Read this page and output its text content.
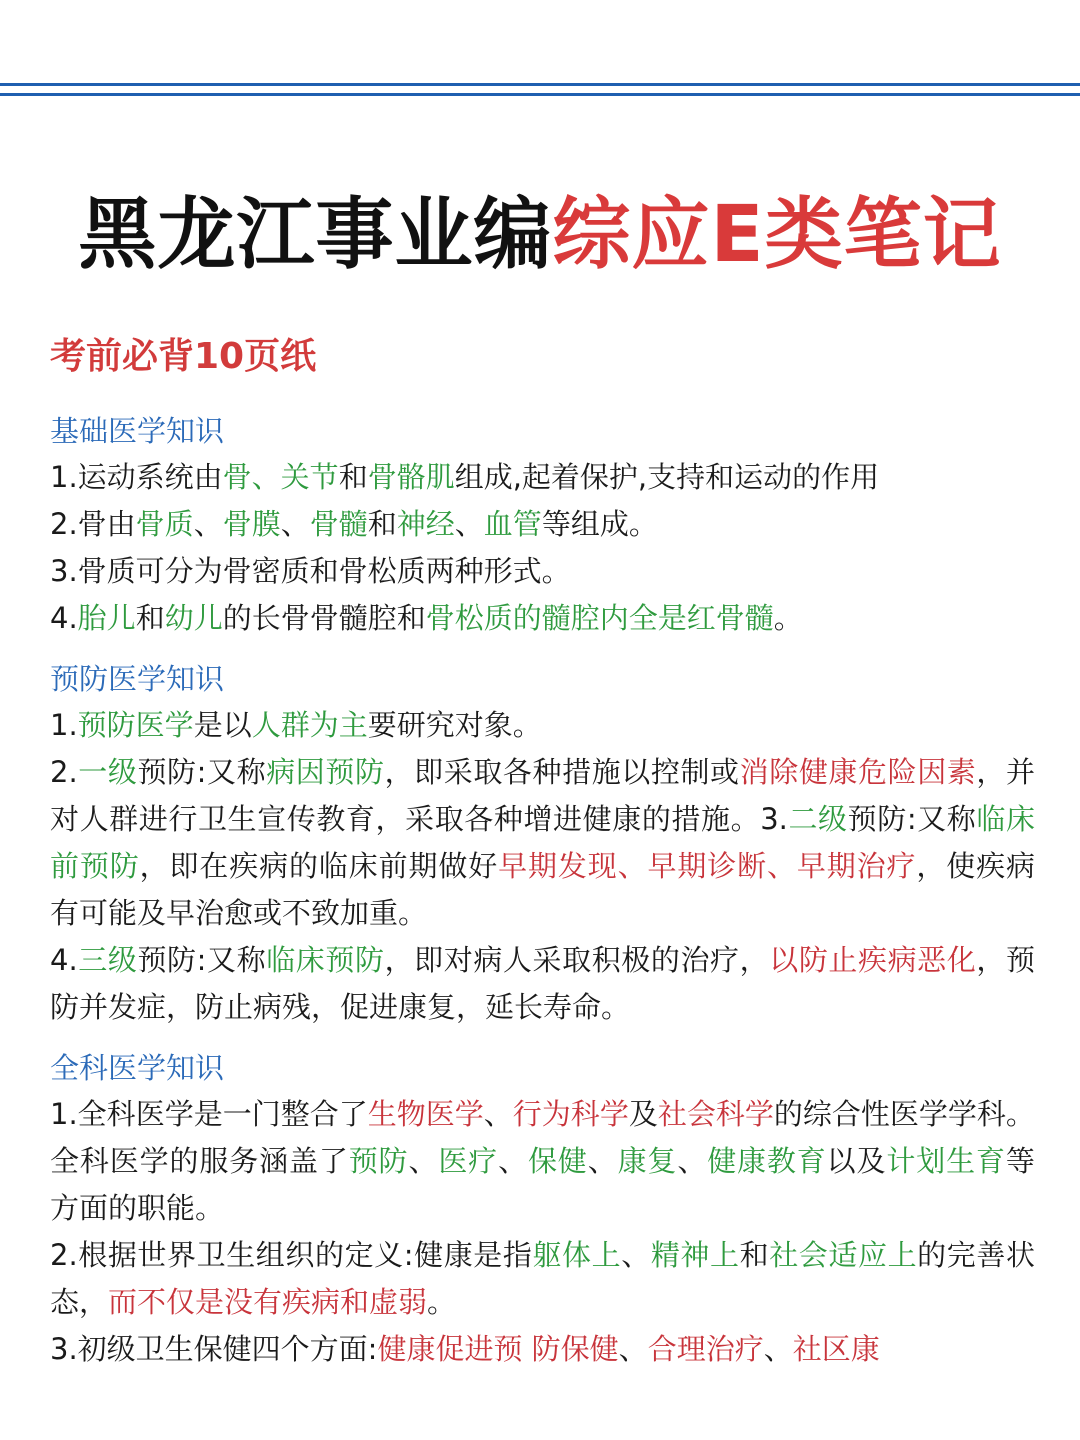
黑龙江事业编综应E类笔记
考前必背10页纸
基础医学知识
1.运动系统由骨、关节和骨骼肌组成,起着保护,支持和运动的作用
2.骨由骨质、骨膜、骨髓和神经、血管等组成。
3.骨质可分为骨密质和骨松质两种形式。
4.胎儿和幼儿的长骨骨髓腔和骨松质的髓腔内全是红骨髓。
预防医学知识
1.预防医学是以人群为主要研究对象。
2.一级预防:又称病因预防，即采取各种措施以控制或消除健康危险因素，并对人群进行卫生宣传教育，采取各种增进健康的措施。3.二级预防:又称临床前预防，即在疾病的临床前期做好早期发现、早期诊断、早期治疗，使疾病有可能及早治愈或不致加重。
4.三级预防:又称临床预防，即对病人采取积极的治疗，以防止疾病恶化，预防并发症，防止病残，促进康复，延长寿命。
全科医学知识
1.全科医学是一门整合了生物医学、行为科学及社会科学的综合性医学学科。全科医学的服务涵盖了预防、医疗、保健、康复、健康教育以及计划生育等方面的职能。
2.根据世界卫生组织的定义:健康是指躯体上、精神上和社会适应上的完善状态，而不仅是没有疾病和虚弱。
3.初级卫生保健四个方面:健康促进预 防保健、合理治疗、社区康
